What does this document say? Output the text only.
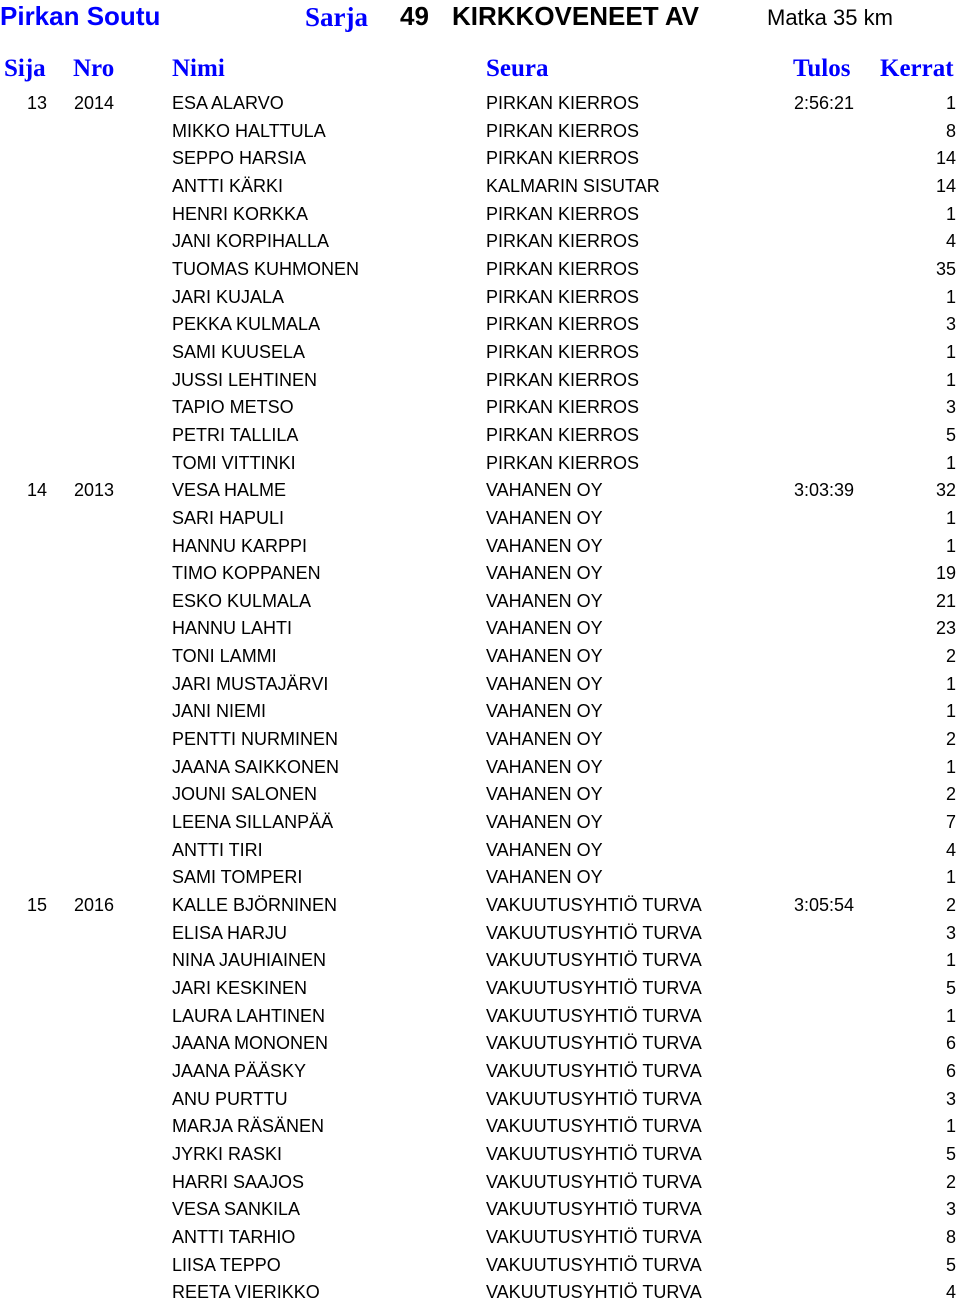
Pirkan Soutu	Sarja 49 KIRKKOVENEET AV	Matka 35 km
Sija Nro Nimi	Seura	Tulos Kerrat
13 2014	ESA ALARVO	PIRKAN KIERROS	2:56:21	1
MIKKO HALTTULA	PIRKAN KIERROS	8
SEPPO HARSIA	PIRKAN KIERROS	14
ANTTI KÄRKI	KALMARIN SISUTAR	14
HENRI KORKKA	PIRKAN KIERROS	1
JANI KORPIHALLA	PIRKAN KIERROS	4
TUOMAS KUHMONEN	PIRKAN KIERROS	35
JARI KUJALA	PIRKAN KIERROS	1
PEKKA KULMALA	PIRKAN KIERROS	3
SAMI KUUSELA	PIRKAN KIERROS	1
JUSSI LEHTINEN	PIRKAN KIERROS	1
TAPIO METSO	PIRKAN KIERROS	3
PETRI TALLILA	PIRKAN KIERROS	5
TOMI VITTINKI	PIRKAN KIERROS	1
14 2013	VESA HALME	VAHANEN OY	3:03:39	32
SARI HAPULI	VAHANEN OY	1
HANNU KARPPI	VAHANEN OY	1
TIMO KOPPANEN	VAHANEN OY	19
ESKO KULMALA	VAHANEN OY	21
HANNU LAHTI	VAHANEN OY	23
TONI LAMMI	VAHANEN OY	2
JARI MUSTAJÄRVI	VAHANEN OY	1
JANI NIEMI	VAHANEN OY	1
PENTTI NURMINEN	VAHANEN OY	2
JAANA SAIKKONEN	VAHANEN OY	1
JOUNI SALONEN	VAHANEN OY	2
LEENA SILLANPÄÄ	VAHANEN OY	7
ANTTI TIRI	VAHANEN OY	4
SAMI TOMPERI	VAHANEN OY	1
15 2016	KALLE BJÖRNINEN	VAKUUTUSYHTIÖ TURVA	3:05:54	2
ELISA HARJU	VAKUUTUSYHTIÖ TURVA	3
NINA JAUHIAINEN	VAKUUTUSYHTIÖ TURVA	1
JARI KESKINEN	VAKUUTUSYHTIÖ TURVA	5
LAURA LAHTINEN	VAKUUTUSYHTIÖ TURVA	1
JAANA MONONEN	VAKUUTUSYHTIÖ TURVA	6
JAANA PÄÄSKY	VAKUUTUSYHTIÖ TURVA	6
ANU PURTTU	VAKUUTUSYHTIÖ TURVA	3
MARJA RÄSÄNEN	VAKUUTUSYHTIÖ TURVA	1
JYRKI RASKI	VAKUUTUSYHTIÖ TURVA	5
HARRI SAAJOS	VAKUUTUSYHTIÖ TURVA	2
VESA SANKILA	VAKUUTUSYHTIÖ TURVA	3
ANTTI TARHIO	VAKUUTUSYHTIÖ TURVA	8
LIISA TEPPO	VAKUUTUSYHTIÖ TURVA	5
REETA VIERIKKO	VAKUUTUSYHTIÖ TURVA	4
